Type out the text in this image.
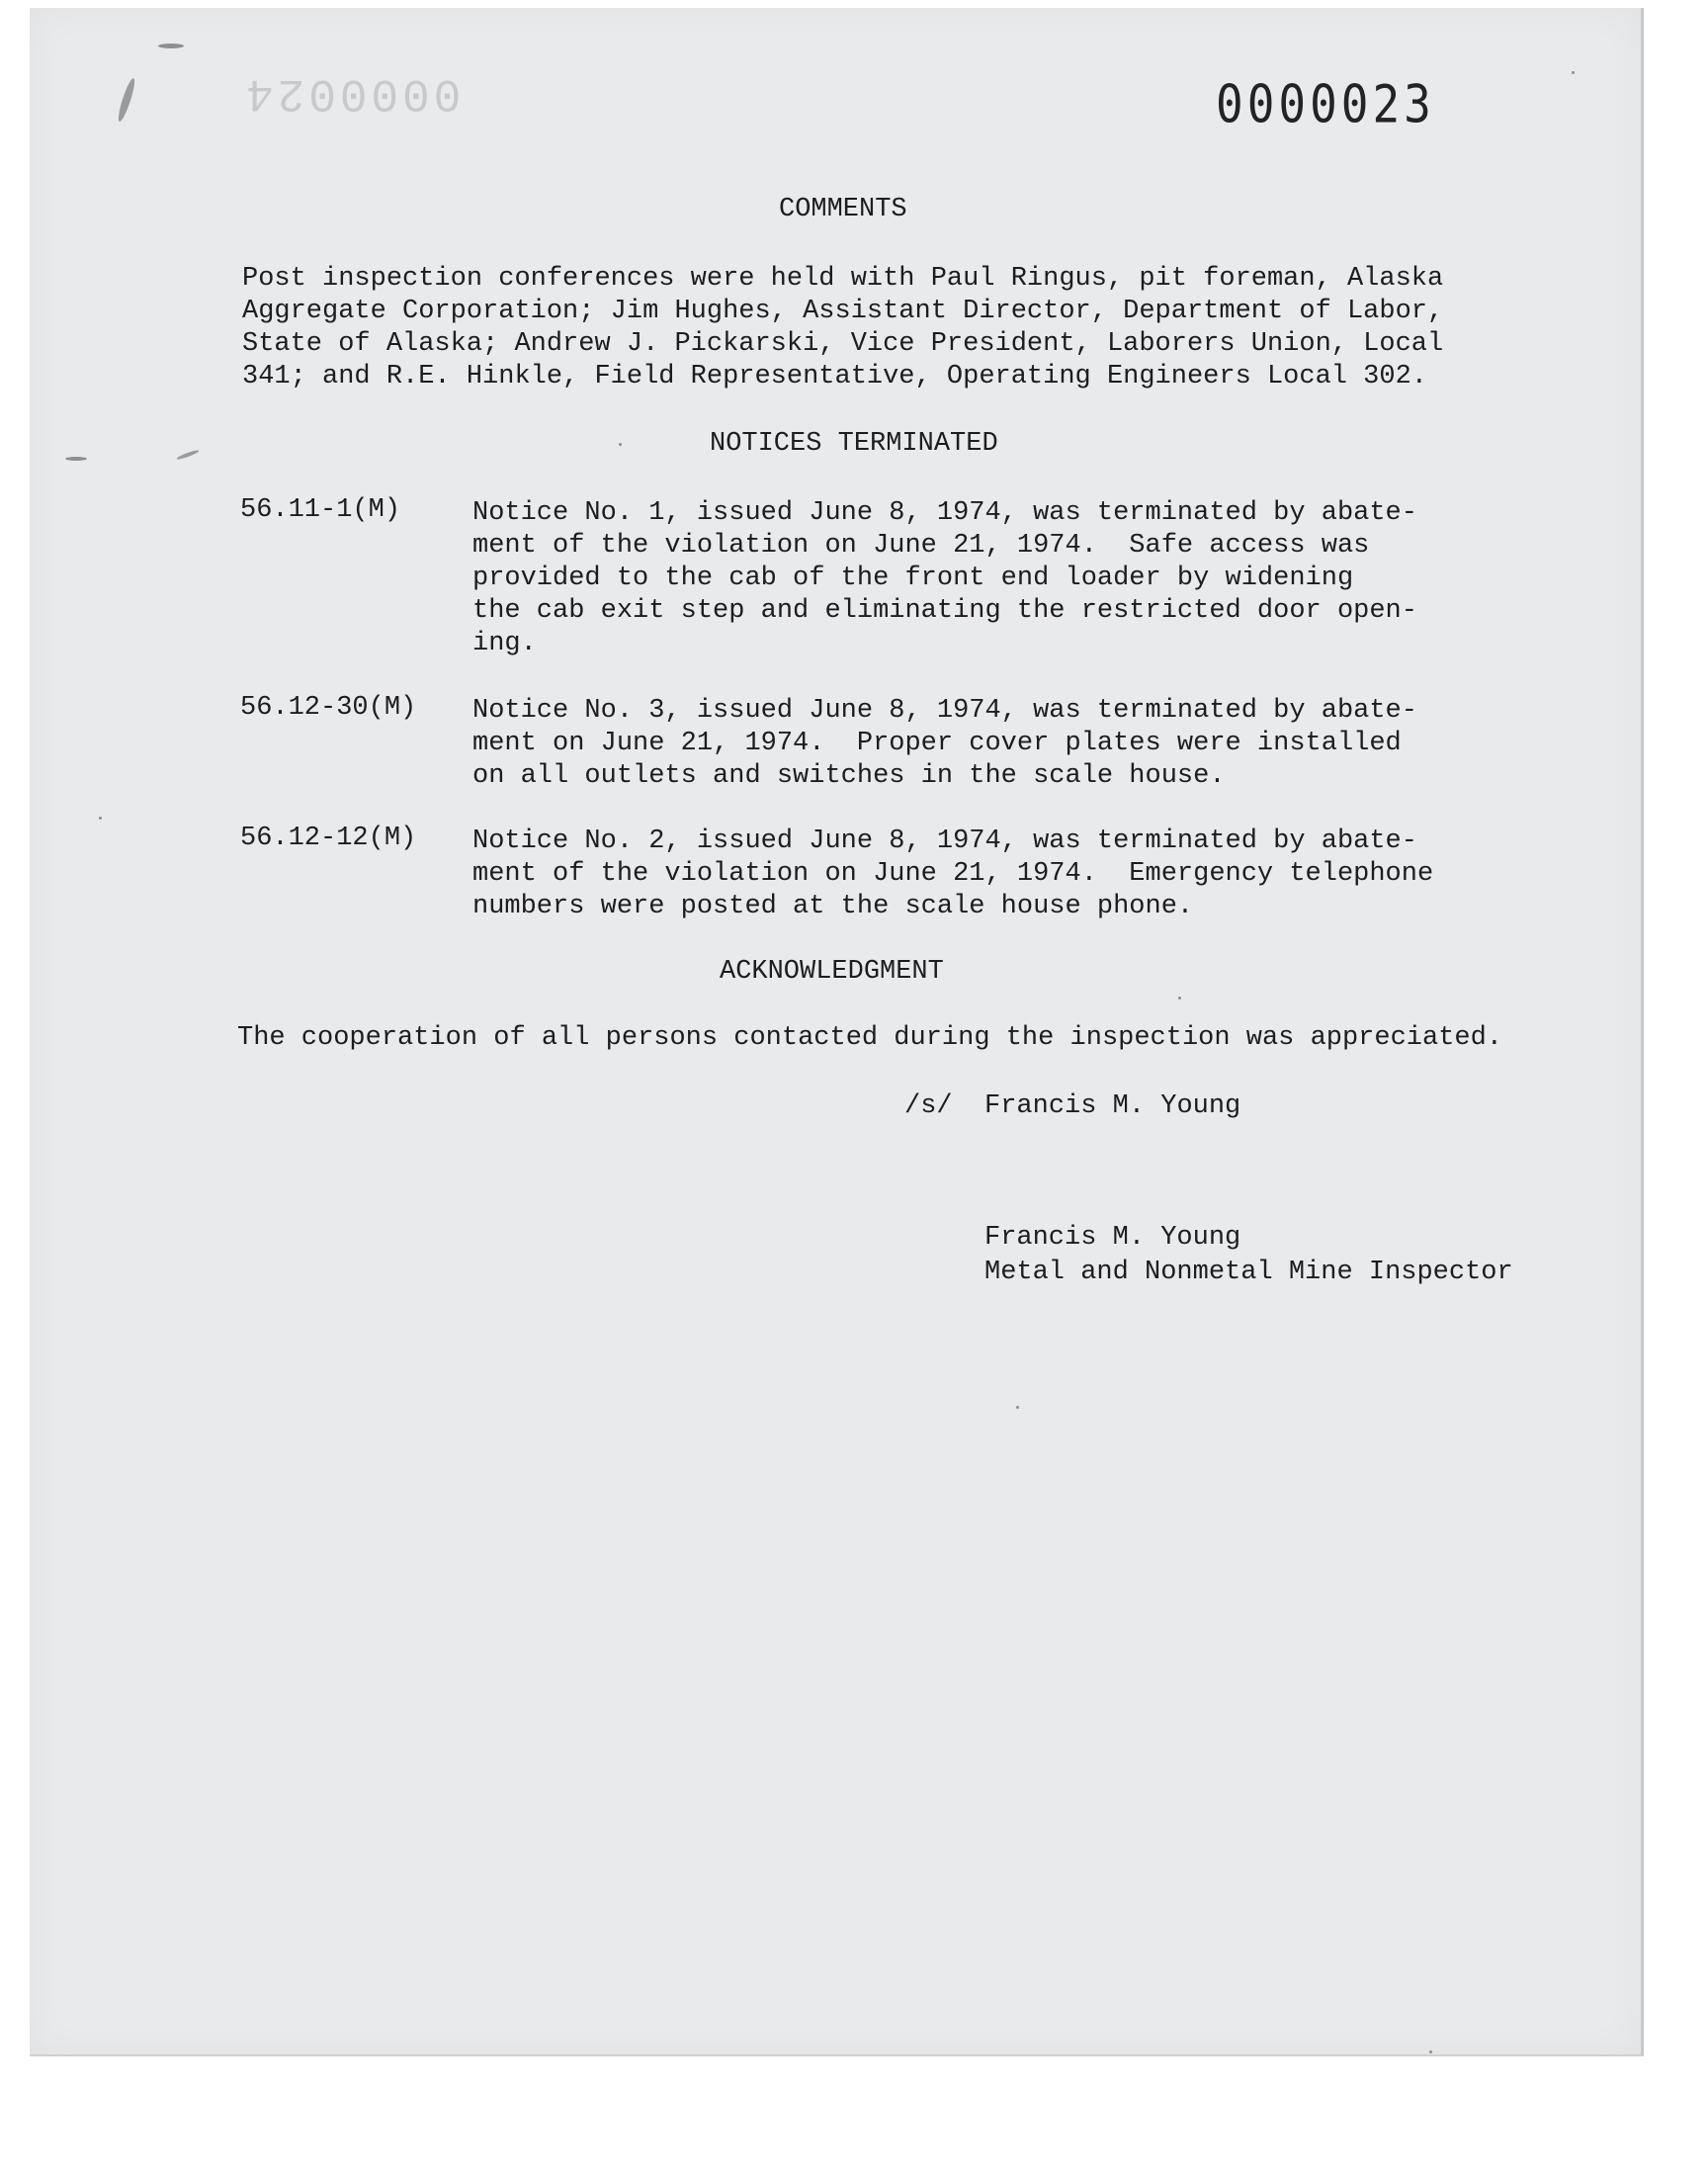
0000024	0000023
COMMENTS
Post inspection conferences were held with Paul Ringus, pit foreman, Alaska
Aggregate Corporation; Jim Hughes, Assistant Director, Department of Labor,
State of Alaska; Andrew J. Pickarski, Vice President, Laborers Union, Local
341; and R.E. Hinkle, Field Representative, Operating Engineers Local 302.
NOTICES TERMINATED
56.11-1(M)	Notice No. 1, issued June 8, 1974, was terminated by abate-
ment of the violation on June 21, 1974.  Safe access was
provided to the cab of the front end loader by widening
the cab exit step and eliminating the restricted door open-
ing.
56.12-30(M) Notice No. 3, issued June 8, 1974, was terminated by abate-
ment on June 21, 1974.  Proper cover plates were installed
on all outlets and switches in the scale house.
56.12-12(M) Notice No. 2, issued June 8, 1974, was terminated by abate-
ment of the violation on June 21, 1974.  Emergency telephone
numbers were posted at the scale house phone.
ACKNOWLEDGMENT
The cooperation of all persons contacted during the inspection was appreciated.
/s/  Francis M. Young
Francis M. Young
Metal and Nonmetal Mine Inspector
